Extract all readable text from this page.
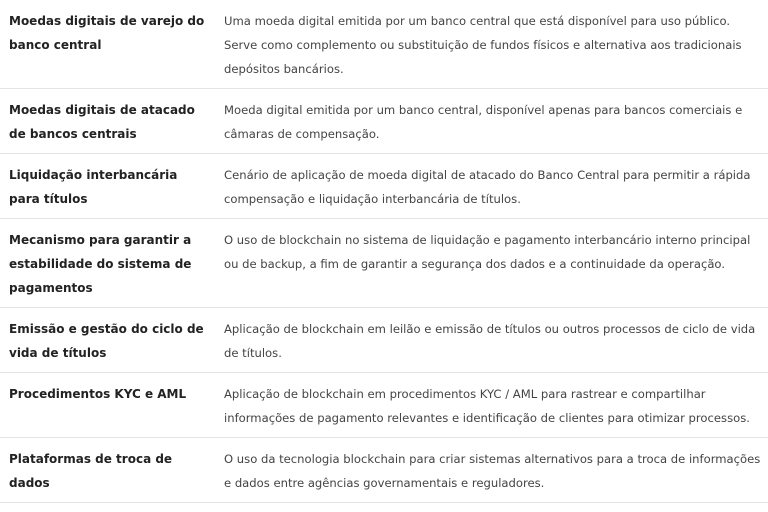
Moedas digitais de varejo do banco central
Uma moeda digital emitida por um banco central que está disponível para uso público. Serve como complemento ou substituição de fundos físicos e alternativa aos tradicionais depósitos bancários.
Moedas digitais de atacado de bancos centrais
Moeda digital emitida por um banco central, disponível apenas para bancos comerciais e câmaras de compensação.
Liquidação interbancária para títulos
Cenário de aplicação de moeda digital de atacado do Banco Central para permitir a rápida compensação e liquidação interbancária de títulos.
Mecanismo para garantir a estabilidade do sistema de pagamentos
O uso de blockchain no sistema de liquidação e pagamento interbancário interno principal ou de backup, a fim de garantir a segurança dos dados e a continuidade da operação.
Emissão e gestão do ciclo de vida de títulos
Aplicação de blockchain em leilão e emissão de títulos ou outros processos de ciclo de vida de títulos.
Procedimentos KYC e AML	Aplicação de blockchain em procedimentos KYC / AML para rastrear e compartilhar informações de pagamento relevantes e identificação de clientes para otimizar processos.
Plataformas de troca de dados
O uso da tecnologia blockchain para criar sistemas alternativos para a troca de informações e dados entre agências governamentais e reguladores.
